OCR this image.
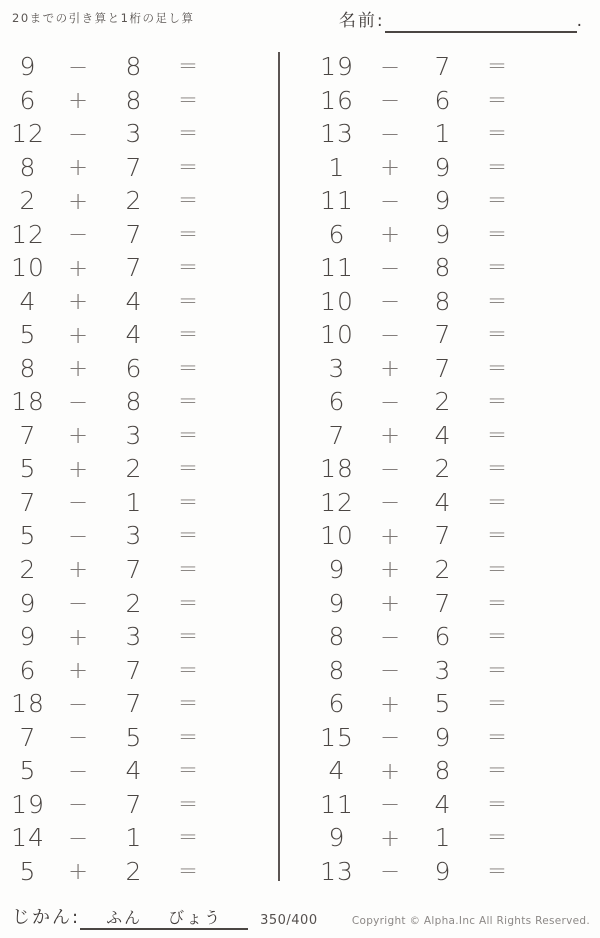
20までの引き算と1桁の足し算	名前:	.
9	−	8	=
6	+	8	=
12 −	3	=
8	+	7	=
2	+	2	=
12 −	7	=
10 +	7	=
4	+	4	=
5	+	4	=
8	+	6	=
18 −	8	=
7	+	3	=
5	+	2	=
7	−	1	=
5	−	3	=
2	+	7	=
9	−	2	=
9	+	3	=
6	+	7	=
18 −	7	=
7	−	5	=
5	−	4	=
19 −	7	=
14 −	1	=
5	+	2	=
19	−	7	=
16	−	6	=
13	−	1	=
1	+	9	=
11	−	9	=
6	+	9	=
11	−	8	=
10	−	8	=
10	−	7	=
3	+	7	=
6	−	2	=
7	+	4	=
18	−	2	=
12	−	4	=
10	+	7	=
9	+	2	=
9	+	7	=
8	−	6	=
8	−	3	=
6	+	5	=
15	−	9	=
4	+	8	=
11	−	4	=
9	+	1	=
13	−	9	=
じかん: ふん びょう	350/400	Copyright © Alpha.Inc All Rights Reserved.
